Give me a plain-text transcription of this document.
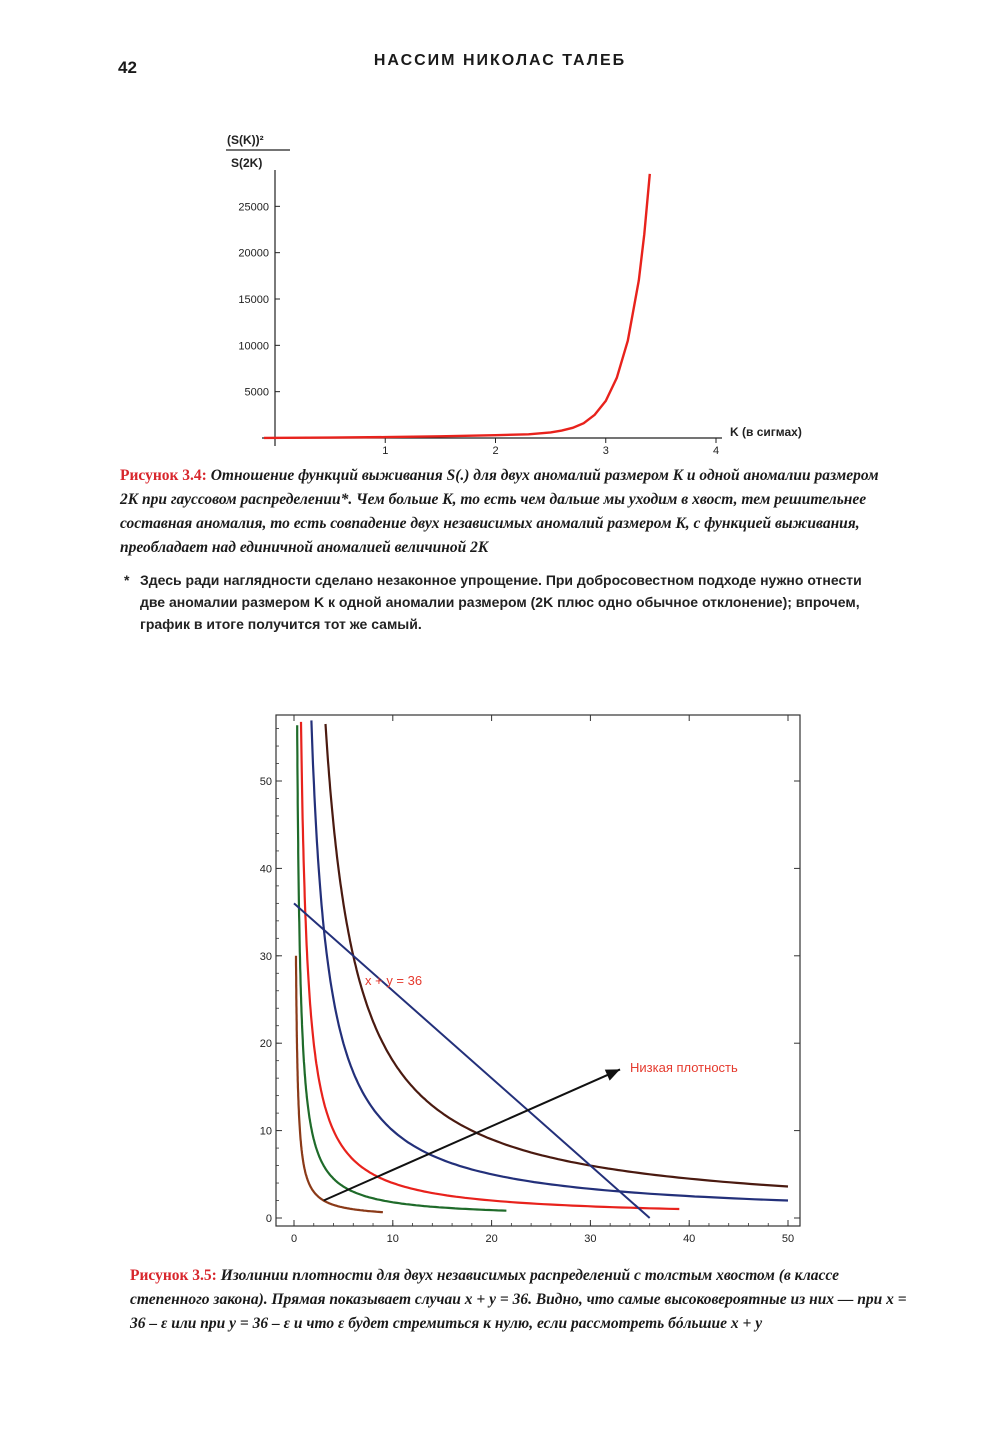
42	НАССИМ НИКОЛАС ТАЛЕБ
1	2	3	4
5000
10000
15000
20000
25000
(S(K))²
S(2K)
K (в сигмах)
Рисунок 3.4: Отношение функций выживания S(.) для двух аномалий размером K и одной аномалии размером 2K при гауссовом распределении*. Чем больше K, то есть чем дальше мы уходим в хвост, тем решительнее составная аномалия, то есть совпадение двух независимых аномалий размером K, с функцией выживания, преобладает над единичной аномалией величиной 2K
* Здесь ради наглядности сделано незаконное упрощение. При добросовестном подходе нужно отнести две аномалии размером K к одной аномалии размером (2K плюс одно обычное отклонение); впрочем, график в итоге получится тот же самый.
0	10	20	30	40	50
0
10
20
30
40
50
x + y = 36
Низкая плотность
Рисунок 3.5: Изолинии плотности для двух независимых распределений с толстым хвостом (в классе степенного закона). Прямая показывает случаи x + y = 36. Видно, что самые высоковероятные из них — при x = 36 – ε или при y = 36 – ε и что ε будет стремиться к нулю, если рассмотреть бóльшие x + y
